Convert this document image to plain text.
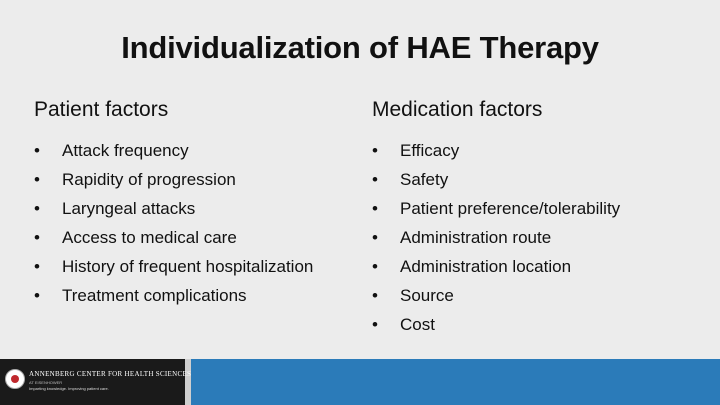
Individualization of HAE Therapy
Patient factors
• Attack frequency
• Rapidity of progression
• Laryngeal attacks
• Access to medical care
• History of frequent hospitalization
• Treatment complications
Medication factors
• Efficacy
• Safety
• Patient preference/tolerability
• Administration route
• Administration location
• Source
• Cost
ANNENBERG CENTER FOR HEALTH SCIENCES
AT EISENHOWER
Imparting knowledge. Improving patient care.
